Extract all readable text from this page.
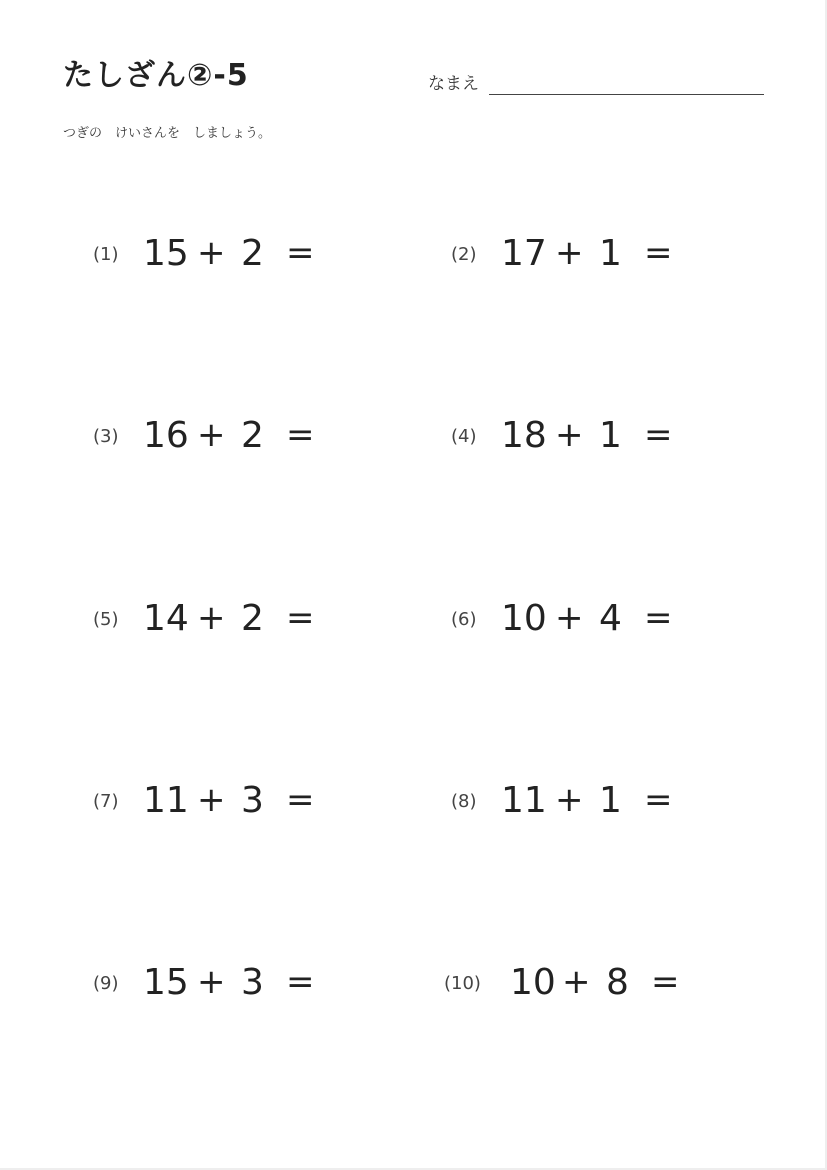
たしざん②-5	なまえ
つぎの　けいさんを　しましょう。
(1) 15 + 2 =	(2) 17 + 1 =
(3) 16 + 2 =	(4) 18 + 1 =
(5) 14 + 2 =	(6) 10 + 4 =
(7) 11 + 3 =	(8) 11 + 1 =
(9) 15 + 3 =	(10) 10 + 8 =
